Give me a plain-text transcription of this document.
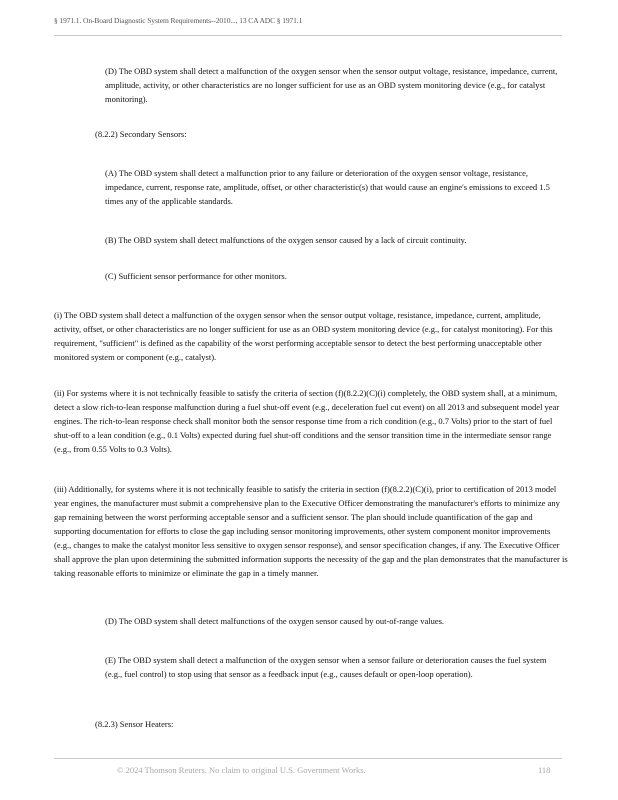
§ 1971.1. On-Board Diagnostic System Requirements--2010..., 13 CA ADC § 1971.1

(D) The OBD system shall detect a malfunction of the oxygen sensor when the sensor output voltage, resistance, impedance, current, amplitude, activity, or other characteristics are no longer sufficient for use as an OBD system monitoring device (e.g., for catalyst monitoring).

(8.2.2) Secondary Sensors:

(A) The OBD system shall detect a malfunction prior to any failure or deterioration of the oxygen sensor voltage, resistance, impedance, current, response rate, amplitude, offset, or other characteristic(s) that would cause an engine's emissions to exceed 1.5 times any of the applicable standards.

(B) The OBD system shall detect malfunctions of the oxygen sensor caused by a lack of circuit continuity.

(C) Sufficient sensor performance for other monitors.

(i) The OBD system shall detect a malfunction of the oxygen sensor when the sensor output voltage, resistance, impedance, current, amplitude, activity, offset, or other characteristics are no longer sufficient for use as an OBD system monitoring device (e.g., for catalyst monitoring). For this requirement, "sufficient" is defined as the capability of the worst performing acceptable sensor to detect the best performing unacceptable other monitored system or component (e.g., catalyst).

(ii) For systems where it is not technically feasible to satisfy the criteria of section (f)(8.2.2)(C)(i) completely, the OBD system shall, at a minimum, detect a slow rich-to-lean response malfunction during a fuel shut-off event (e.g., deceleration fuel cut event) on all 2013 and subsequent model year engines. The rich-to-lean response check shall monitor both the sensor response time from a rich condition (e.g., 0.7 Volts) prior to the start of fuel shut-off to a lean condition (e.g., 0.1 Volts) expected during fuel shut-off conditions and the sensor transition time in the intermediate sensor range (e.g., from 0.55 Volts to 0.3 Volts).

(iii) Additionally, for systems where it is not technically feasible to satisfy the criteria in section (f)(8.2.2)(C)(i), prior to certification of 2013 model year engines, the manufacturer must submit a comprehensive plan to the Executive Officer demonstrating the manufacturer's efforts to minimize any gap remaining between the worst performing acceptable sensor and a sufficient sensor. The plan should include quantification of the gap and supporting documentation for efforts to close the gap including sensor monitoring improvements, other system component monitor improvements (e.g., changes to make the catalyst monitor less sensitive to oxygen sensor response), and sensor specification changes, if any. The Executive Officer shall approve the plan upon determining the submitted information supports the necessity of the gap and the plan demonstrates that the manufacturer is taking reasonable efforts to minimize or eliminate the gap in a timely manner.

(D) The OBD system shall detect malfunctions of the oxygen sensor caused by out-of-range values.

(E) The OBD system shall detect a malfunction of the oxygen sensor when a sensor failure or deterioration causes the fuel system (e.g., fuel control) to stop using that sensor as a feedback input (e.g., causes default or open-loop operation).

(8.2.3) Sensor Heaters:

© 2024 Thomson Reuters. No claim to original U.S. Government Works.	118
